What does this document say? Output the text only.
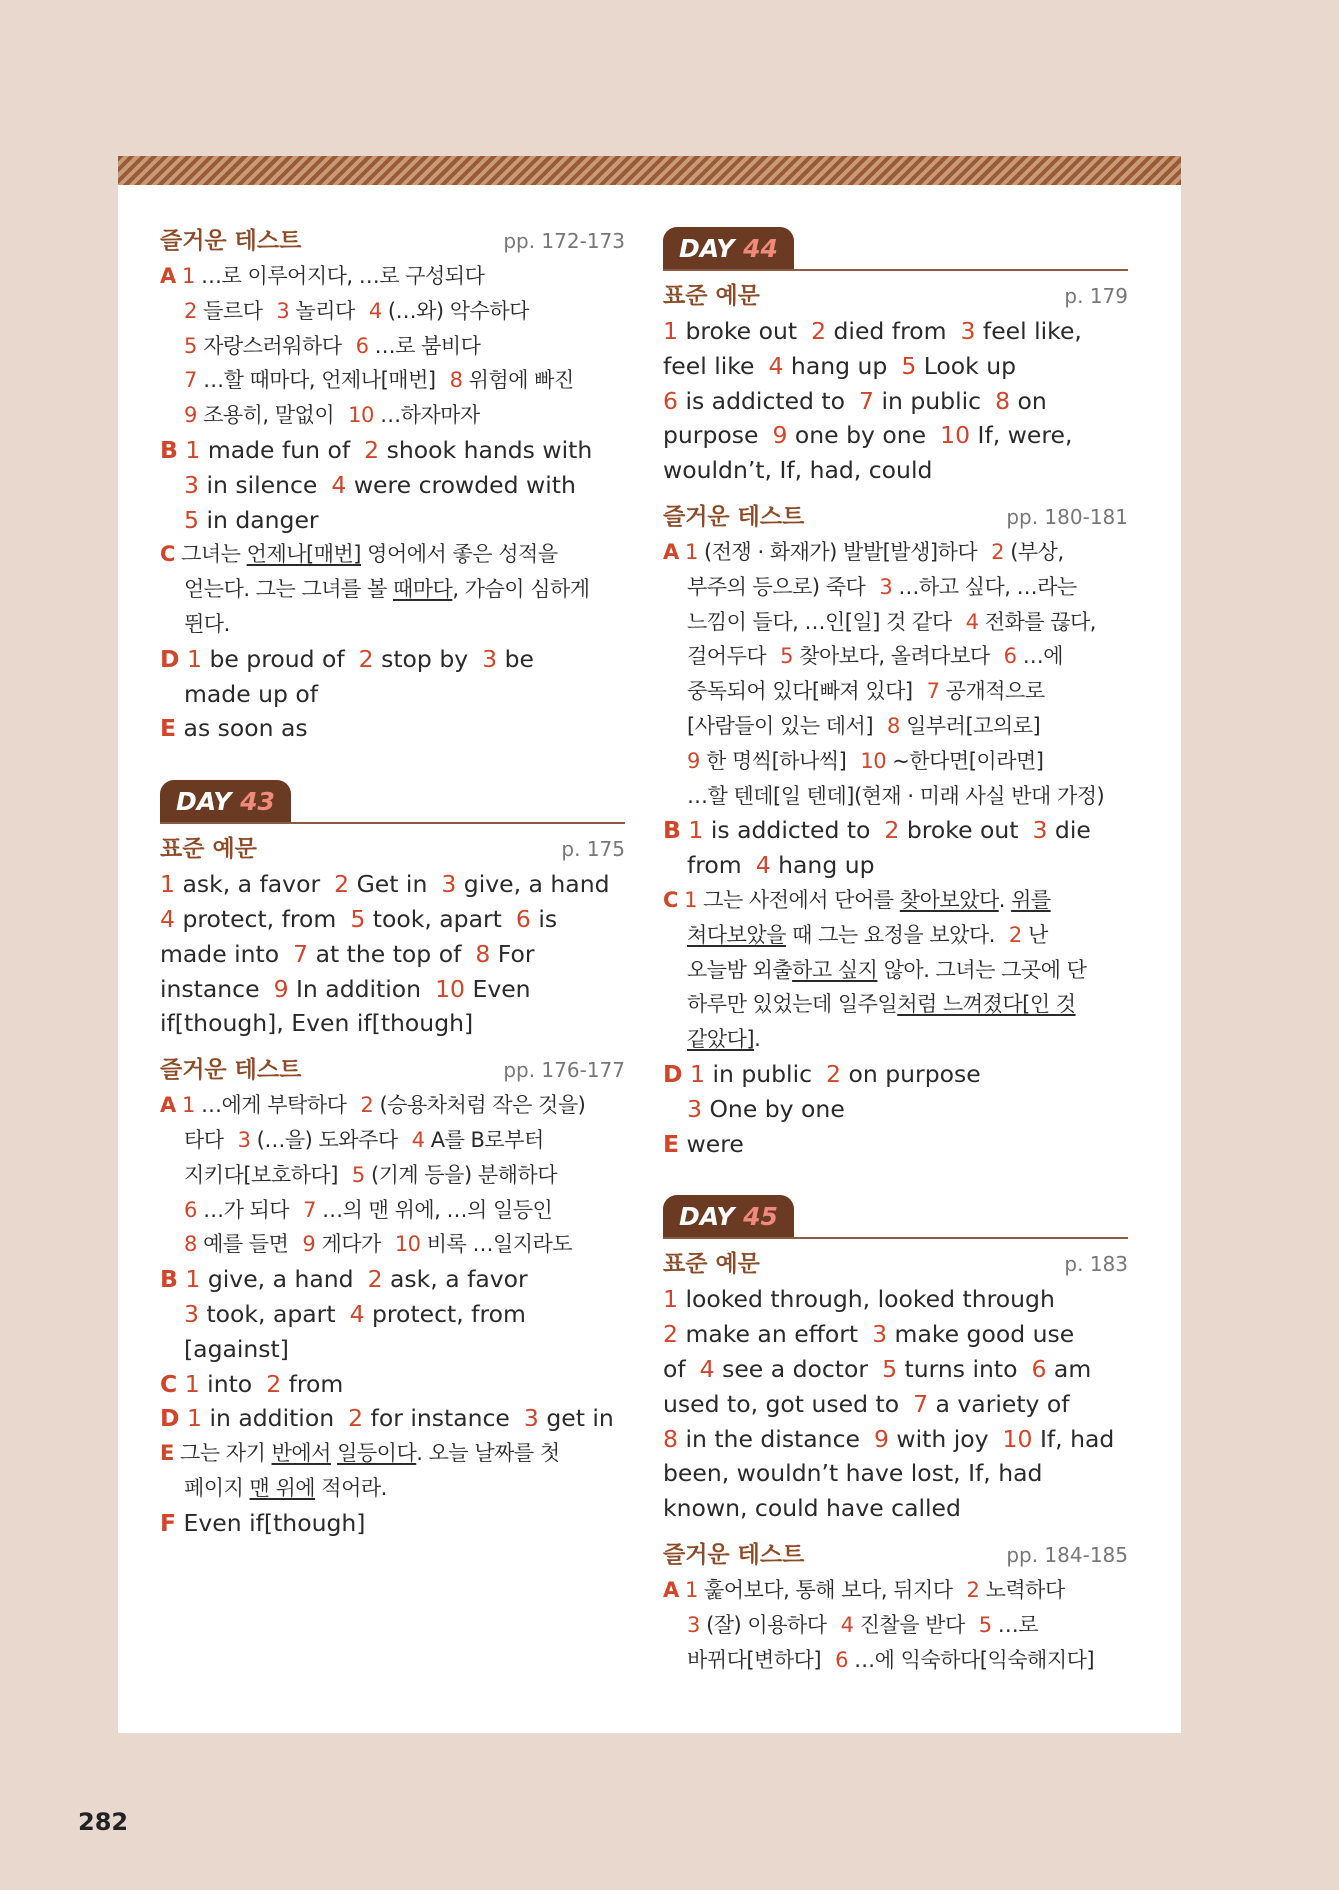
즐거운 테스트	pp. 172-173
A 1 …로 이루어지다, …로 구성되다
2 들르다 3 놀리다 4 (…와) 악수하다
5 자랑스러워하다 6 …로 붐비다
7 …할 때마다, 언제나[매번] 8 위험에 빠진
9 조용히, 말없이 10 …하자마자
B 1 made fun of 2 shook hands with
3 in silence 4 were crowded with
5 in danger
C 그녀는 언제나[매번] 영어에서 좋은 성적을
얻는다. 그는 그녀를 볼 때마다, 가슴이 심하게
뛴다.
D 1 be proud of 2 stop by 3 be
made up of
E as soon as
DAY 43
표준 예문	p. 175
1 ask, a favor 2 Get in 3 give, a hand
4 protect, from 5 took, apart 6 is
made into 7 at the top of 8 For
instance 9 In addition 10 Even
if[though], Even if[though]
즐거운 테스트	pp. 176-177
A 1 …에게 부탁하다 2 (승용차처럼 작은 것을)
타다 3 (…을) 도와주다 4 A를 B로부터
지키다[보호하다] 5 (기계 등을) 분해하다
6 …가 되다 7 …의 맨 위에, …의 일등인
8 예를 들면 9 게다가 10 비록 …일지라도
B 1 give, a hand 2 ask, a favor
3 took, apart 4 protect, from
[against]
C 1 into 2 from
D 1 in addition 2 for instance 3 get in
E 그는 자기 반에서 일등이다. 오늘 날짜를 첫
페이지 맨 위에 적어라.
F Even if[though]
DAY 44
표준 예문	p. 179
1 broke out 2 died from 3 feel like,
feel like 4 hang up 5 Look up
6 is addicted to 7 in public 8 on
purpose 9 one by one 10 If, were,
wouldn’t, If, had, could
즐거운 테스트	pp. 180-181
A 1 (전쟁 · 화재가) 발발[발생]하다 2 (부상,
부주의 등으로) 죽다 3 …하고 싶다, …라는
느낌이 들다, …인[일] 것 같다 4 전화를 끊다,
걸어두다 5 찾아보다, 올려다보다 6 …에
중독되어 있다[빠져 있다] 7 공개적으로
[사람들이 있는 데서] 8 일부러[고의로]
9 한 명씩[하나씩] 10 ~한다면[이라면]
…할 텐데[일 텐데](현재 · 미래 사실 반대 가정)
B 1 is addicted to 2 broke out 3 die
from 4 hang up
C 1 그는 사전에서 단어를 찾아보았다. 위를
쳐다보았을 때 그는 요정을 보았다. 2 난
오늘밤 외출하고 싶지 않아. 그녀는 그곳에 단
하루만 있었는데 일주일처럼 느껴졌다[인 것
같았다].
D 1 in public 2 on purpose
3 One by one
E were
DAY 45
표준 예문	p. 183
1 looked through, looked through
2 make an effort 3 make good use
of 4 see a doctor 5 turns into 6 am
used to, got used to 7 a variety of
8 in the distance 9 with joy 10 If, had
been, wouldn’t have lost, If, had
known, could have called
즐거운 테스트	pp. 184-185
A 1 훑어보다, 통해 보다, 뒤지다 2 노력하다
3 (잘) 이용하다 4 진찰을 받다 5 …로
바뀌다[변하다] 6 …에 익숙하다[익숙해지다]
282
